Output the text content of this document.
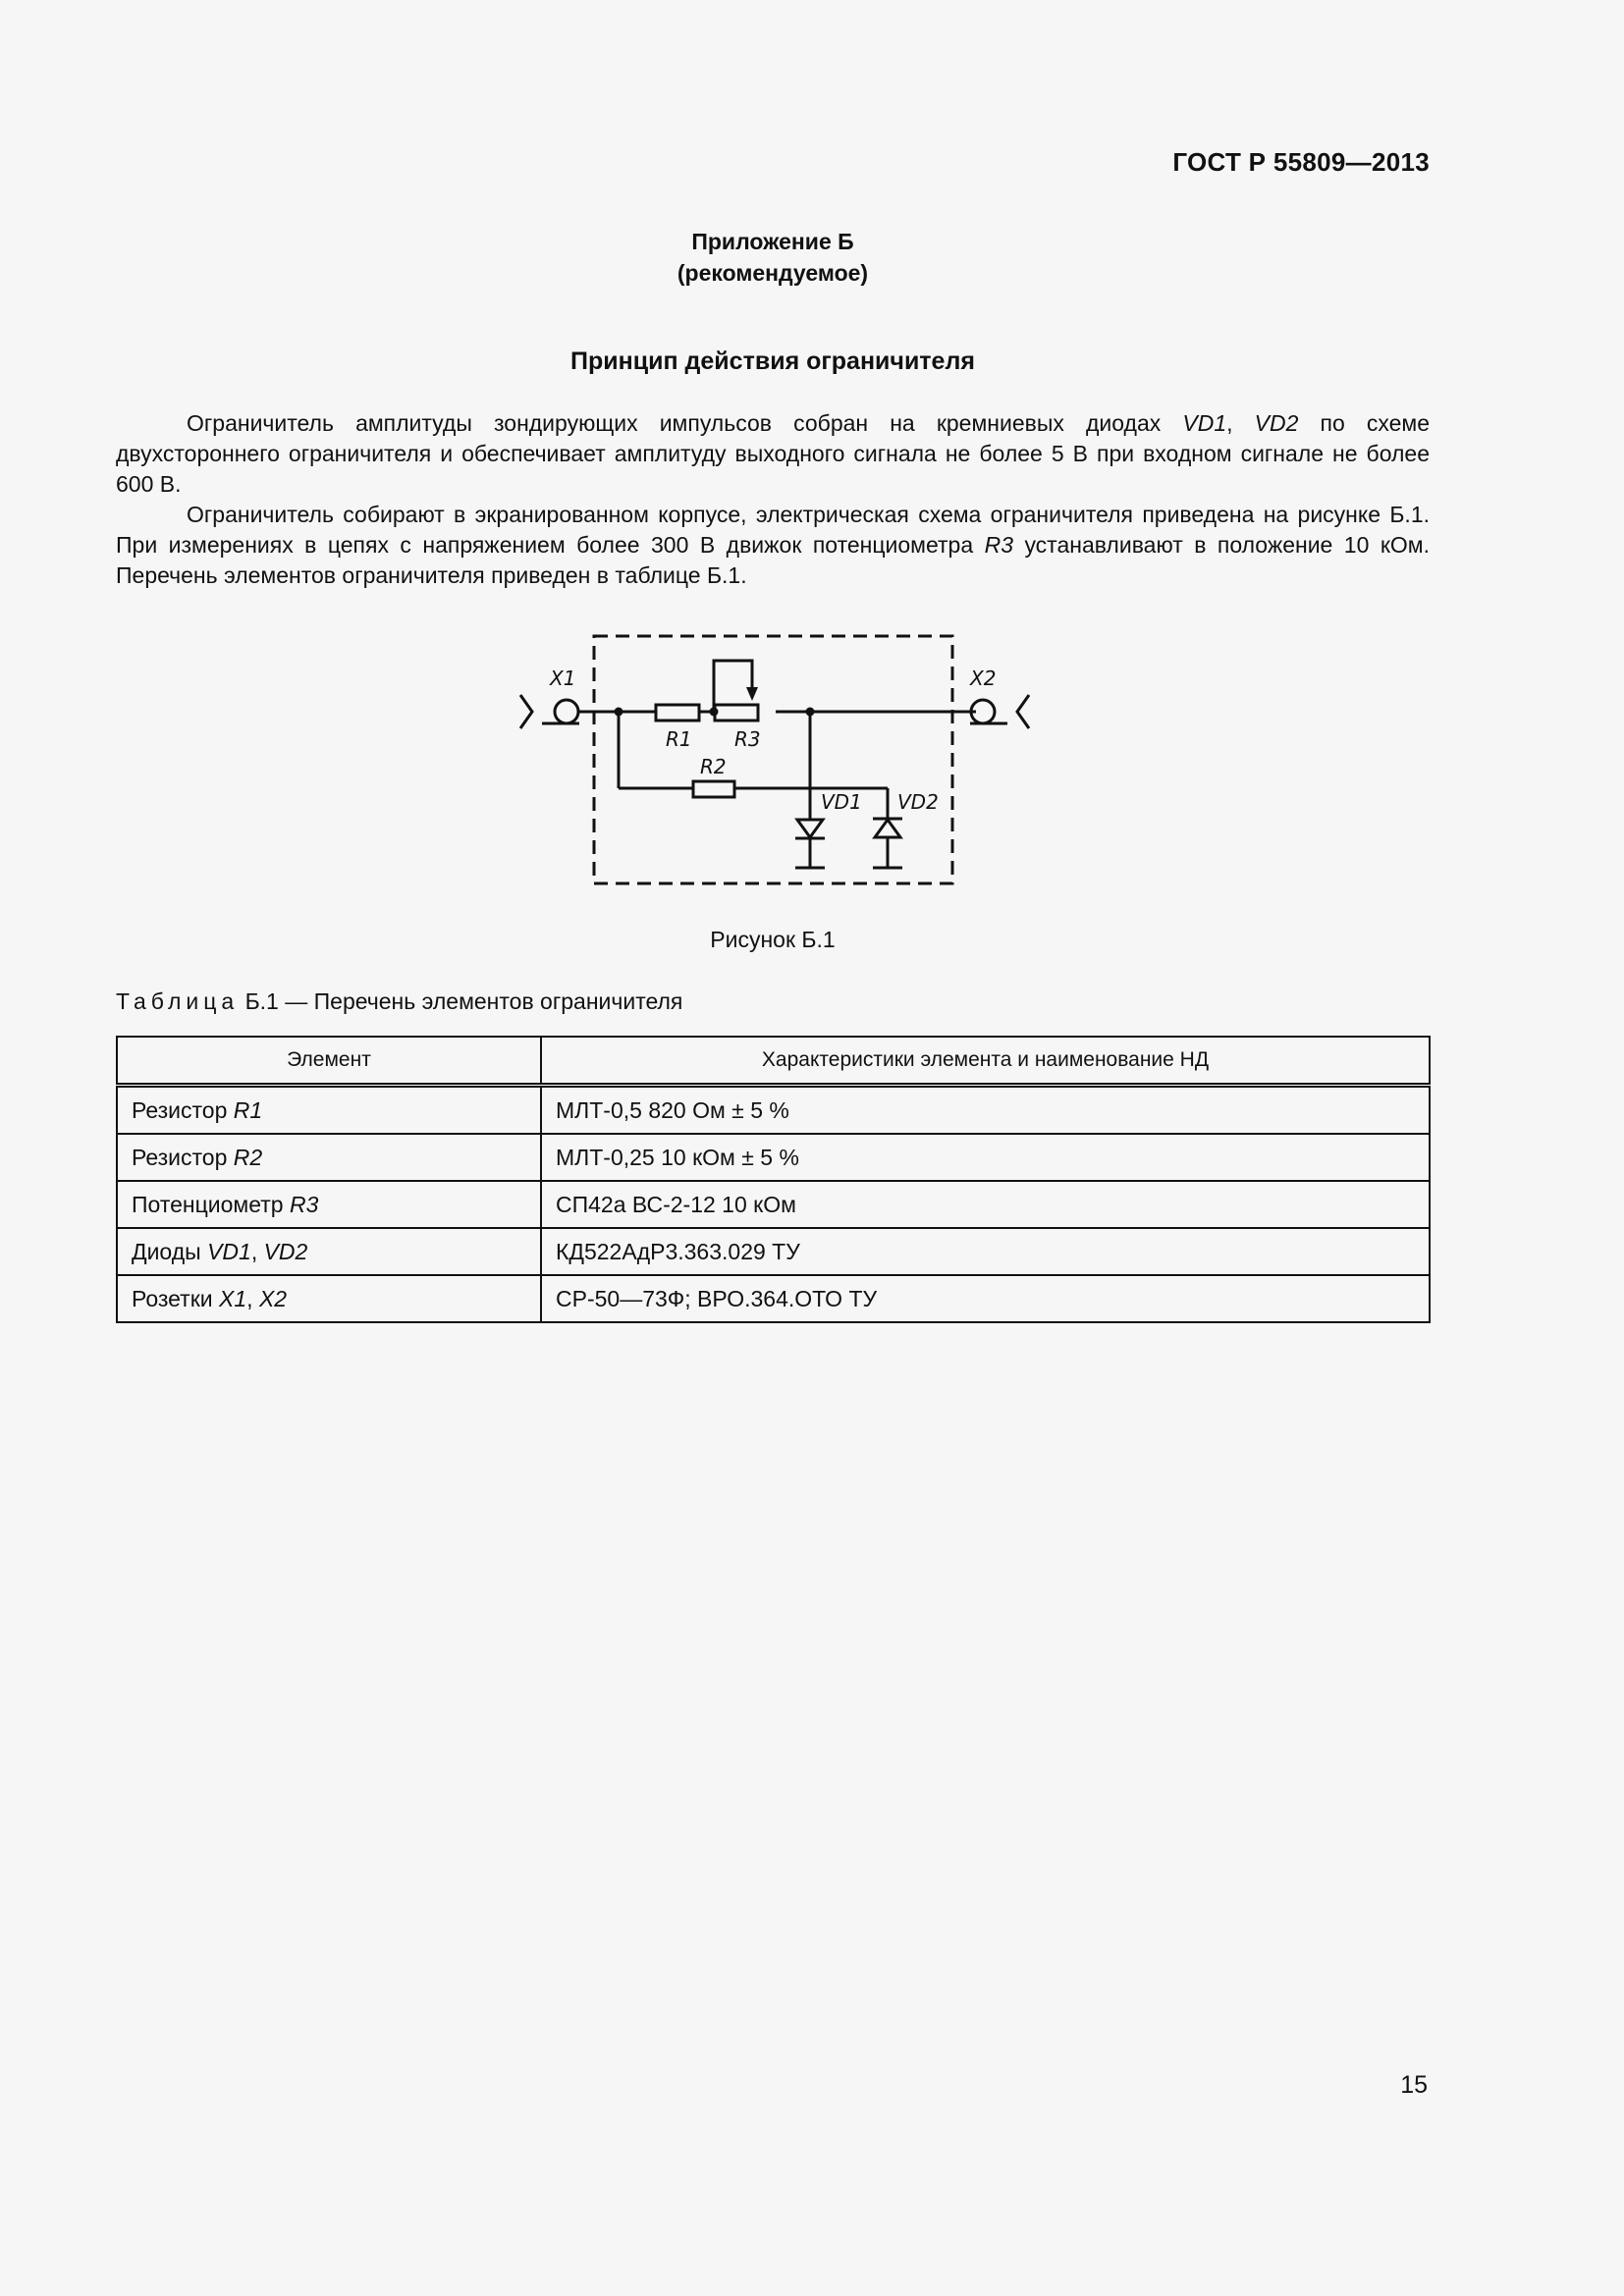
ГОСТ Р 55809—2013
Приложение Б
(рекомендуемое)
Принцип действия ограничителя

Ограничитель амплитуды зондирующих импульсов собран на кремниевых диодах VD1, VD2 по схеме двухстороннего ограничителя и обеспечивает амплитуду выходного сигнала не более 5 В при входном сигнале не более 600 В.

Ограничитель собирают в экранированном корпусе, электрическая схема ограничителя приведена на рисунке Б.1. При измерениях в цепях с напряжением более 300 В движок потенциометра R3 устанавливают в положение 10 кОм. Перечень элементов ограничителя приведен в таблице Б.1.

X1	X2
R1 R3
R2
VD1 VD2
Рисунок Б.1
Таблица Б.1 — Перечень элементов ограничителя
Элемент	Характеристики элемента и наименование НД
Резистор R1	МЛТ-0,5 820 Ом ± 5 %
Резистор R2	МЛТ-0,25 10 кОм ± 5 %
Потенциометр R3	СП42а ВС-2-12 10 кОм
Диоды VD1, VD2	КД522АдР3.363.029 ТУ
Розетки X1, X2	СР-50—73Ф; ВРО.364.ОТО ТУ
15
